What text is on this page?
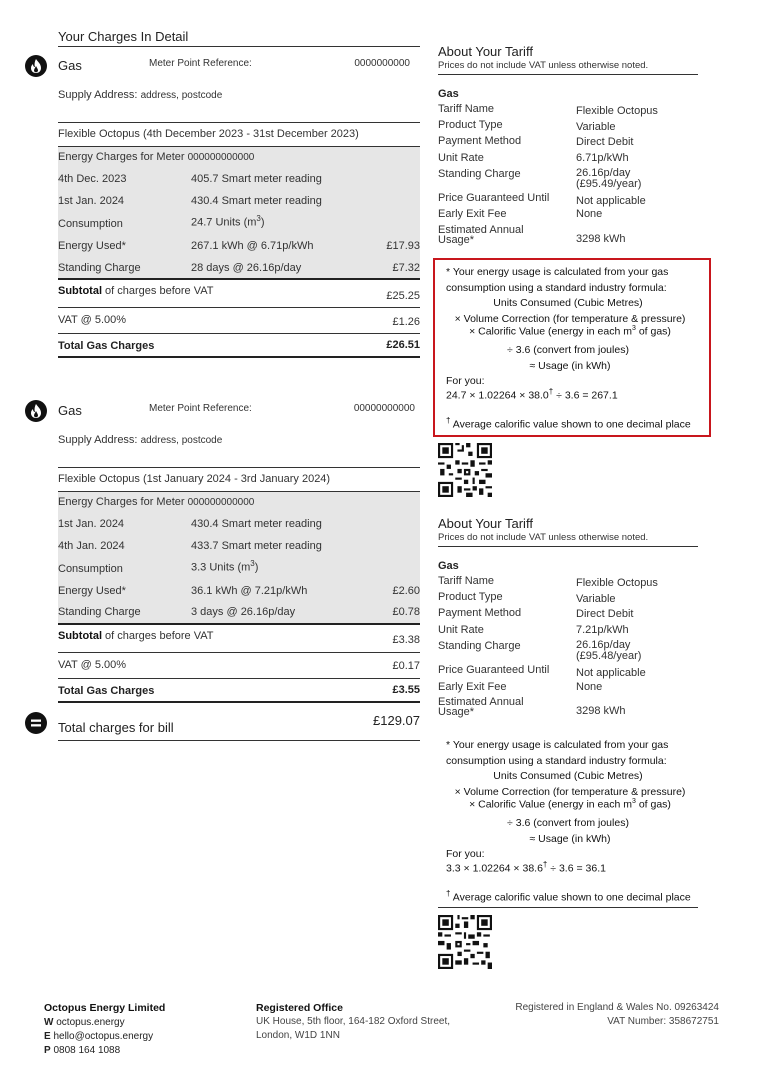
Your Charges In Detail
Gas	Meter Point Reference:	0000000000
Supply Address: address, postcode
Flexible Octopus (4th December 2023 - 31st December 2023)
Energy Charges for Meter 000000000000
4th Dec. 2023	405.7 Smart meter reading
1st Jan. 2024	430.4 Smart meter reading
Consumption	24.7 Units $(m^3)$
Energy Used*	267.1 kWh @ 6.71p/kWh	£17.93
Standing Charge	28 days @ 26.16p/day	£7.32
Subtotal of charges before VAT	£25.25
VAT @ 5.00%	£1.26
Total Gas Charges	£26.51
Gas	Meter Point Reference:	00000000000
Supply Address: address, postcode
Flexible Octopus (1st January 2024 - 3rd January 2024)
Energy Charges for Meter 000000000000
1st Jan. 2024	430.4 Smart meter reading
4th Jan. 2024	433.7 Smart meter reading
Consumption	3.3 Units $(m^3)$
Energy Used*	36.1 kWh @ 7.21p/kWh	£2.60
Standing Charge	3 days @ 26.16p/day	£0.78
Subtotal of charges before VAT	£3.38
VAT @ 5.00%	£0.17
Total Gas Charges	£3.55
Total charges for bill	£129.07
About Your Tariff
Prices do not include VAT unless otherwise noted.
Gas
Tariff Name	Flexible Octopus
Product Type	Variable
Payment Method	Direct Debit
Unit Rate	6.71p/kWh
Standing Charge	26.16p/day
(£95.49/year)
Price Guaranteed Until Not applicable
Early Exit Fee	None
Estimated Annual
Usage*	3298 kWh
* Your energy usage is calculated from your gas
consumption using a standard industry formula:
Units Consumed (Cubic Metres)
× Volume Correction (for temperature & pressure)
× Calorific Value (energy in each $m^3$ of gas)
÷ 3.6 (convert from joules)
≈ Usage (in kWh)
For you:
24.7 × 1.02264 × 38.0† ÷ 3.6 = 267.1
† Average calorific value shown to one decimal place
About Your Tariff
Prices do not include VAT unless otherwise noted.
Gas
Tariff Name	Flexible Octopus
Product Type	Variable
Payment Method	Direct Debit
Unit Rate	7.21p/kWh
Standing Charge	26.16p/day
(£95.48/year)
Price Guaranteed Until Not applicable
Early Exit Fee	None
Estimated Annual
Usage*	3298 kWh
* Your energy usage is calculated from your gas
consumption using a standard industry formula:
Units Consumed (Cubic Metres)
× Volume Correction (for temperature & pressure)
× Calorific Value (energy in each $m^3$ of gas)
÷ 3.6 (convert from joules)
≈ Usage (in kWh)
For you:
3.3 × 1.02264 × 38.6† ÷ 3.6 = 36.1
† Average calorific value shown to one decimal place
Octopus Energy Limited
W octopus.energy
E hello@octopus.energy
P 0808 164 1088
Registered Office
UK House, 5th floor, 164-182 Oxford Street,
London, W1D 1NN
Registered in England & Wales No. 09263424
VAT Number: 358672751
